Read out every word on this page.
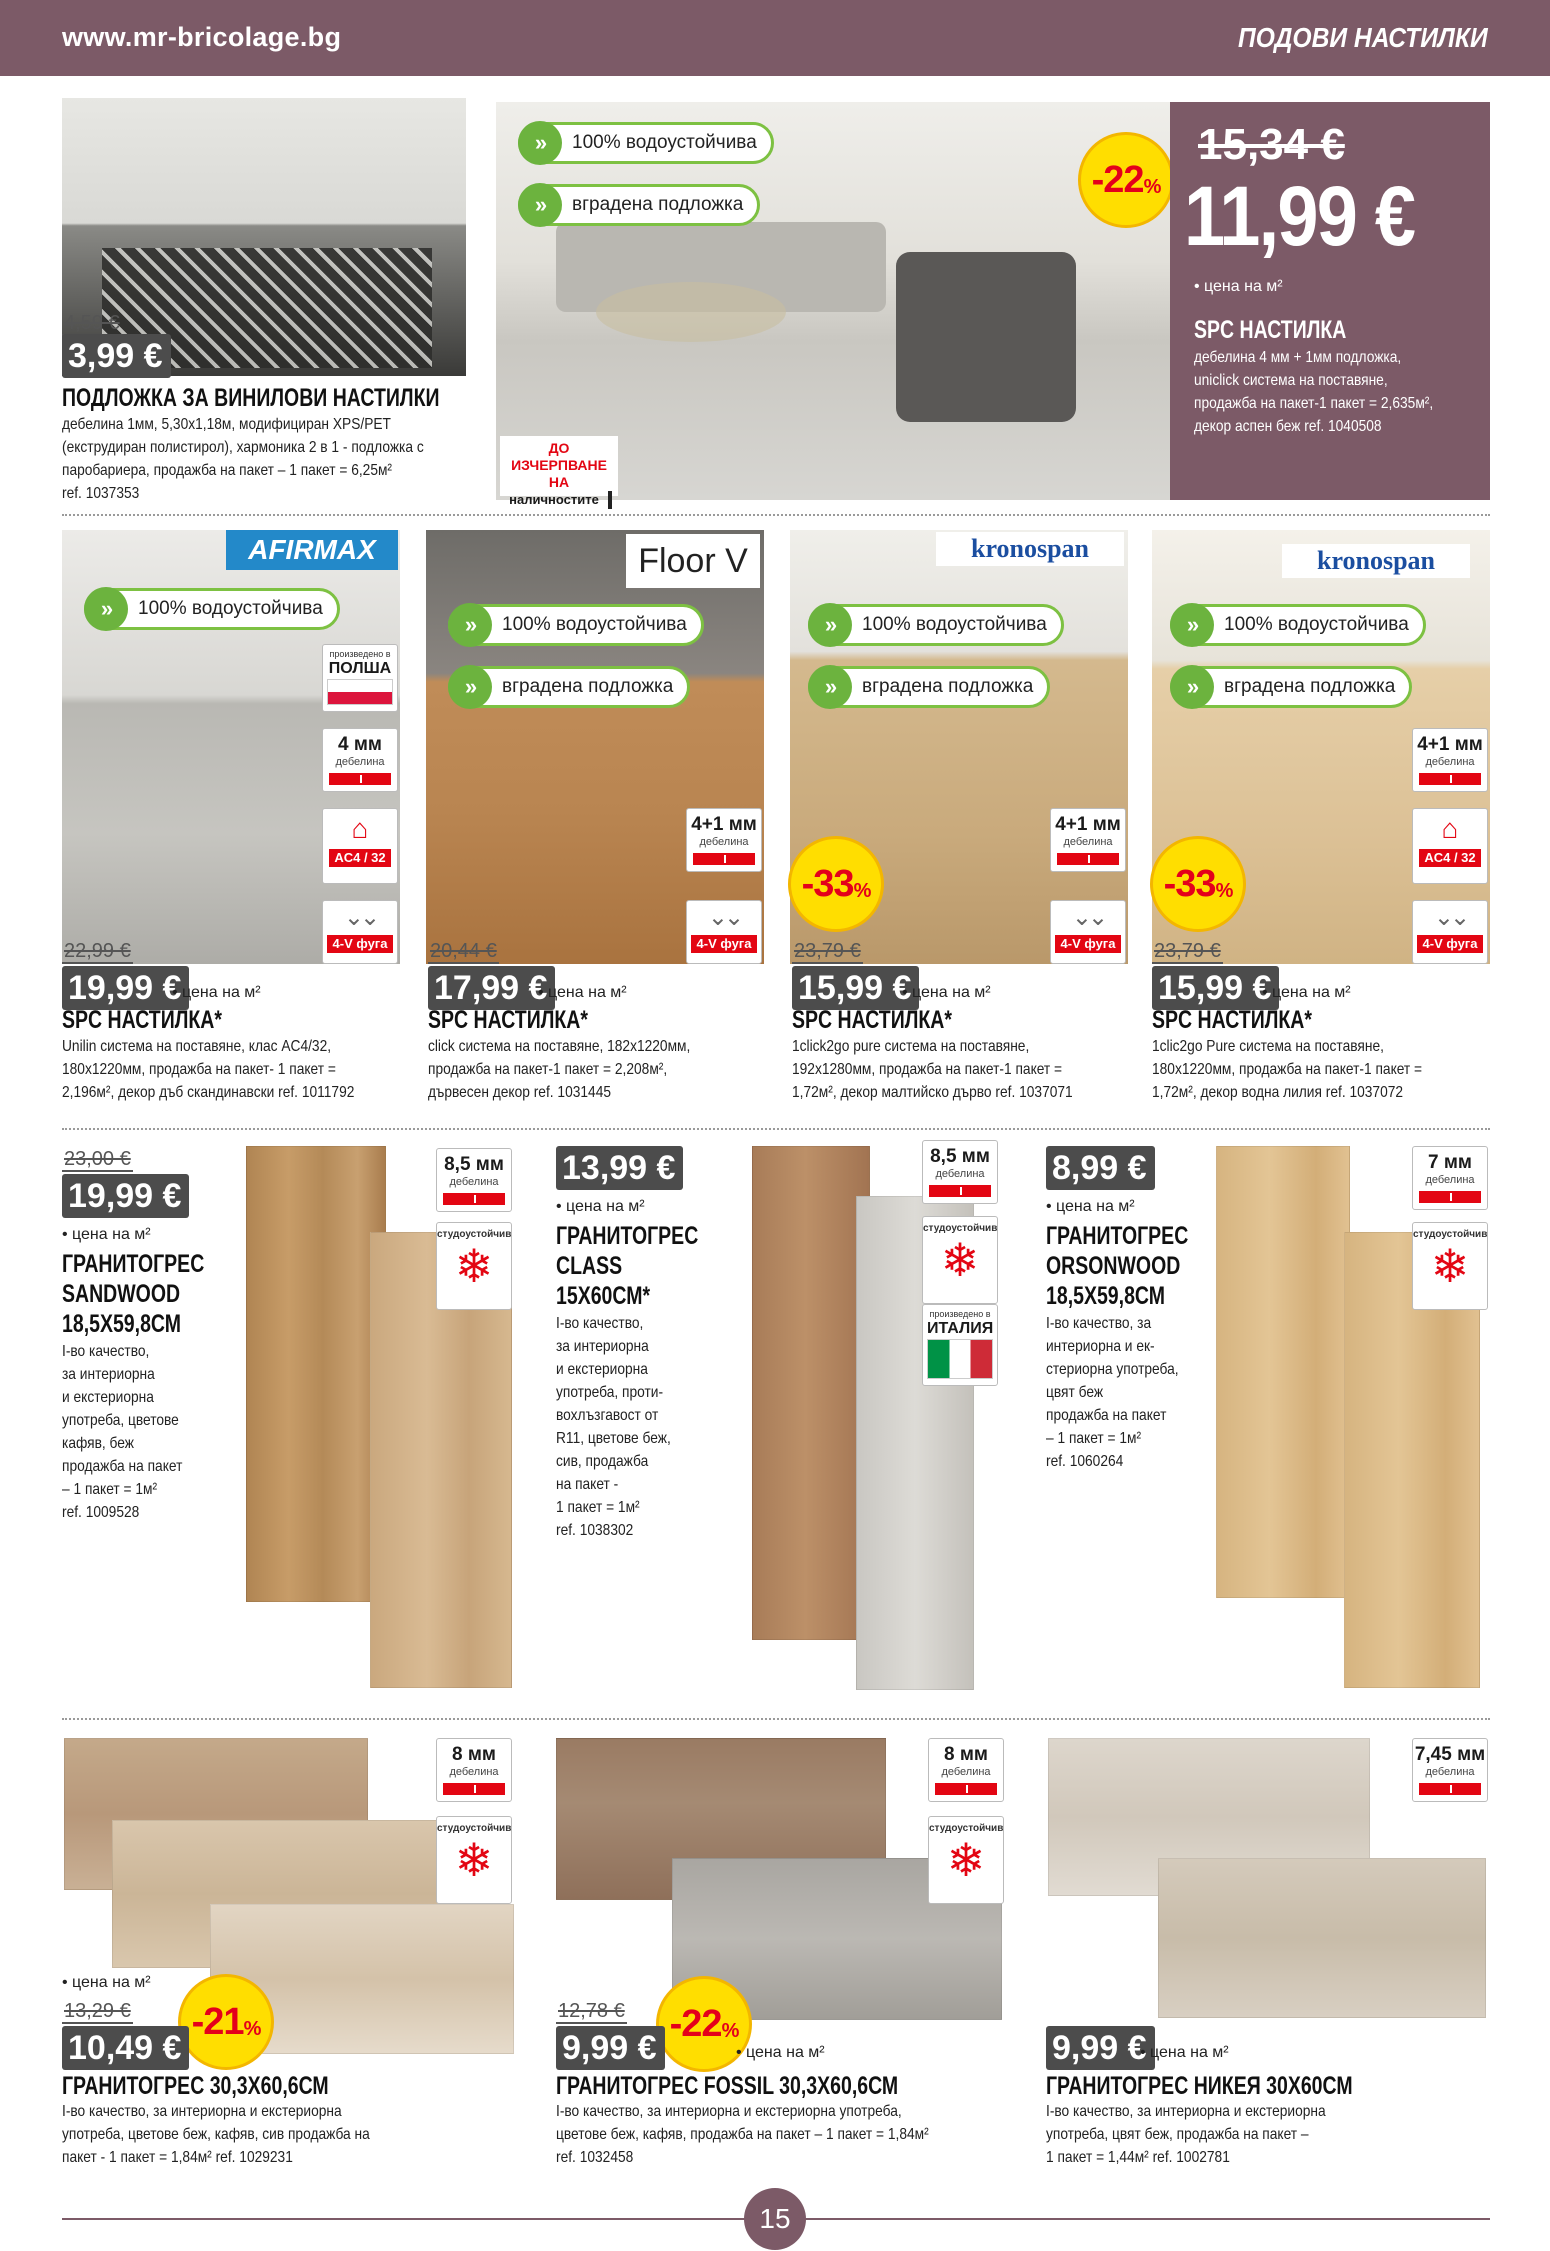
www.mr-bricolage.bg	ПОДОВИ НАСТИЛКИ
4,59 €
3,99 €
ПОДЛОЖКА ЗА ВИНИЛОВИ НАСТИЛКИ
дебелина 1мм, 5,30x1,18м, модифициран XPS/PET
(екструдиран полистирол), хармоника 2 в 1 - подложка с
паробариера, продажба на пакет – 1 пакет = 6,25м²
ref. 1037353
»	100% водоустойчива
»	вградена подложка
ДО ИЗЧЕРПВАНЕ НА
наличностите
-22 %
15,34 €
11,99 €
• цена на м²
SPC НАСТИЛКА
дебелина 4 мм + 1мм подложка,
uniclick система на поставяне,
продажба на пакет-1 пакет = 2,635м²,
декор аспен беж ref. 1040508
AFIRMAX
»	100% водоустойчива
произведено в
ПОЛША
4 мм
дебелина
⌂
AC4 / 32
⌄⌄
4-V фуга
22,99 €
19,99 €
• цена на м²
SPC НАСТИЛКА*
Unilin система на поставяне, клас AC4/32,
180x1220мм, продажба на пакет- 1 пакет =
2,196м², декор дъб скандинавски ref. 1011792
Floor V
»	100% водоустойчива
»	вградена подложка
4+1 мм
дебелина
⌄⌄
4-V фуга
20,44 €
17,99 €
• цена на м²
SPC НАСТИЛКА*
click система на поставяне, 182x1220мм,
продажба на пакет-1 пакет = 2,208м²,
дървесен декор ref. 1031445
kronospan
»	100% водоустойчива
»	вградена подложка
4+1 мм
дебелина
⌄⌄
4-V фуга
-33 %
23,79 €
15,99 €
• цена на м²
SPC НАСТИЛКА*
1click2go pure система на поставяне,
192x1280мм, продажба на пакет-1 пакет =
1,72м², декор малтийско дърво ref. 1037071
kronospan
»	100% водоустойчива
»	вградена подложка
4+1 мм
дебелина
⌂
AC4 / 32
⌄⌄
4-V фуга
-33 %
23,79 €
15,99 €
• цена на м²
SPC НАСТИЛКА*
1clic2go Pure система на поставяне,
180x1220мм, продажба на пакет-1 пакет =
1,72м², декор водна лилия ref. 1037072
23,00 €
19,99 €
• цена на м²
ГРАНИТОГРЕС
SANDWOOD
18,5Х59,8СМ
I-во качество,
за интериорна
и екстериорна
употреба, цветове
кафяв, беж
продажба на пакет
– 1 пакет = 1м²
ref. 1009528
8,5 мм
дебелина
студоустойчив
❄
13,99 €
• цена на м²
ГРАНИТОГРЕС
CLASS
15Х60СМ*
I-во качество,
за интериорна
и екстериорна
употреба, проти-
вохлъзгавост от
R11, цветове беж,
сив, продажба
на пакет -
1 пакет = 1м²
ref. 1038302
8,5 мм
дебелина
студоустойчив
❄
произведено в
ИТАЛИЯ
8,99 €
• цена на м²
ГРАНИТОГРЕС
ORSONWOOD
18,5Х59,8СМ
I-во качество, за
интериорна и ек-
стериорна употреба,
цвят беж
продажба на пакет
– 1 пакет = 1м²
ref. 1060264
7 мм
дебелина
студоустойчив
❄
8 мм
дебелина
студоустойчив
❄
• цена на м²
13,29 € -21 %
10,49 €
ГРАНИТОГРЕС 30,3Х60,6СМ
I-во качество, за интериорна и екстериорна
употреба, цветове беж, кафяв, сив продажба на
пакет - 1 пакет = 1,84м² ref. 1029231
8 мм
дебелина
студоустойчив
❄
12,78 € -22 %
9,99 €	• цена на м²
ГРАНИТОГРЕС FOSSIL 30,3Х60,6СМ
I-во качество, за интериорна и екстериорна употреба,
цветове беж, кафяв, продажба на пакет – 1 пакет = 1,84м²
ref. 1032458
7,45 мм
дебелина
9,99 €
• цена на м²
ГРАНИТОГРЕС НИКЕЯ 30Х60СМ
I-во качество, за интериорна и екстериорна
употреба, цвят беж, продажба на пакет –
1 пакет = 1,44м² ref. 1002781
15
